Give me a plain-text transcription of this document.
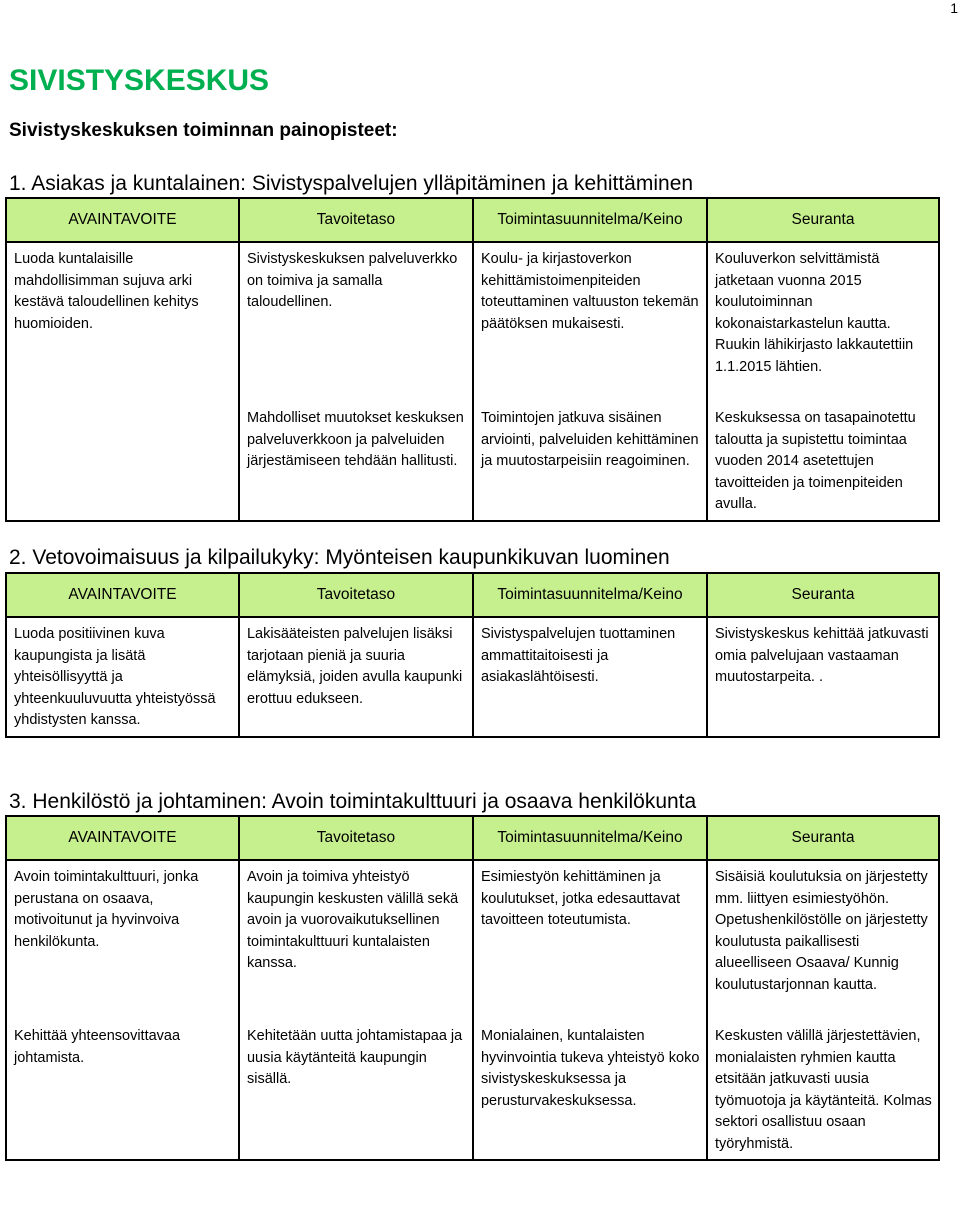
1
SIVISTYSKESKUS
Sivistyskeskuksen toiminnan painopisteet:
1. Asiakas ja kuntalainen: Sivistyspalvelujen ylläpitäminen ja kehittäminen
AVAINTAVOITE	Tavoitetaso	Toimintasuunnitelma/Keino	Seuranta
Luoda kuntalaisille mahdollisimman sujuva arki kestävä taloudellinen kehitys huomioiden.	Sivistyskeskuksen palveluverkko on toimiva ja samalla taloudellinen.	Koulu- ja kirjastoverkon kehittämistoimenpiteiden toteuttaminen valtuuston tekemän päätöksen mukaisesti.	Kouluverkon selvittämistä jatketaan vuonna 2015 koulutoiminnan kokonaistarkastelun kautta. Ruukin lähikirjasto lakkautettiin 1.1.2015 lähtien.
	Mahdolliset muutokset keskuksen palveluverkkoon ja palveluiden järjestämiseen tehdään hallitusti.	Toimintojen jatkuva sisäinen arviointi, palveluiden kehittäminen ja muutostarpeisiin reagoiminen.	Keskuksessa on tasapainotettu taloutta ja supistettu toimintaa vuoden 2014 asetettujen tavoitteiden ja toimenpiteiden avulla.
2. Vetovoimaisuus ja kilpailukyky: Myönteisen kaupunkikuvan luominen
AVAINTAVOITE	Tavoitetaso	Toimintasuunnitelma/Keino	Seuranta
Luoda positiivinen kuva kaupungista ja lisätä yhteisöllisyyttä ja yhteenkuuluvuutta yhteistyössä yhdistysten kanssa.	Lakisääteisten palvelujen lisäksi tarjotaan pieniä ja suuria elämyksiä, joiden avulla kaupunki erottuu edukseen.	Sivistyspalvelujen tuottaminen ammattitaitoisesti ja asiakaslähtöisesti.	Sivistyskeskus kehittää jatkuvasti omia palvelujaan vastaaman muutostarpeita. .
3. Henkilöstö ja johtaminen: Avoin toimintakulttuuri ja osaava henkilökunta
AVAINTAVOITE	Tavoitetaso	Toimintasuunnitelma/Keino	Seuranta
Avoin toimintakulttuuri, jonka perustana on osaava, motivoitunut ja hyvinvoiva henkilökunta.	Avoin ja toimiva yhteistyö kaupungin keskusten välillä sekä avoin ja vuorovaikutuksellinen toimintakulttuuri kuntalaisten kanssa.	Esimiestyön kehittäminen ja koulutukset, jotka edesauttavat tavoitteen toteutumista.	Sisäisiä koulutuksia on järjestetty mm. liittyen esimiestyöhön. Opetushenkilöstölle on järjestetty koulutusta paikallisesti alueelliseen Osaava/ Kunnig koulutustarjonnan kautta.
Kehittää yhteensovittavaa johtamista.	Kehitetään uutta johtamistapaa ja uusia käytänteitä kaupungin sisällä.	Monialainen, kuntalaisten hyvinvointia tukeva yhteistyö koko sivistyskeskuksessa ja perusturvakeskuksessa.	Keskusten välillä järjestettävien, monialaisten ryhmien kautta etsitään jatkuvasti uusia työmuotoja ja käytänteitä. Kolmas sektori osallistuu osaan työryhmistä.
